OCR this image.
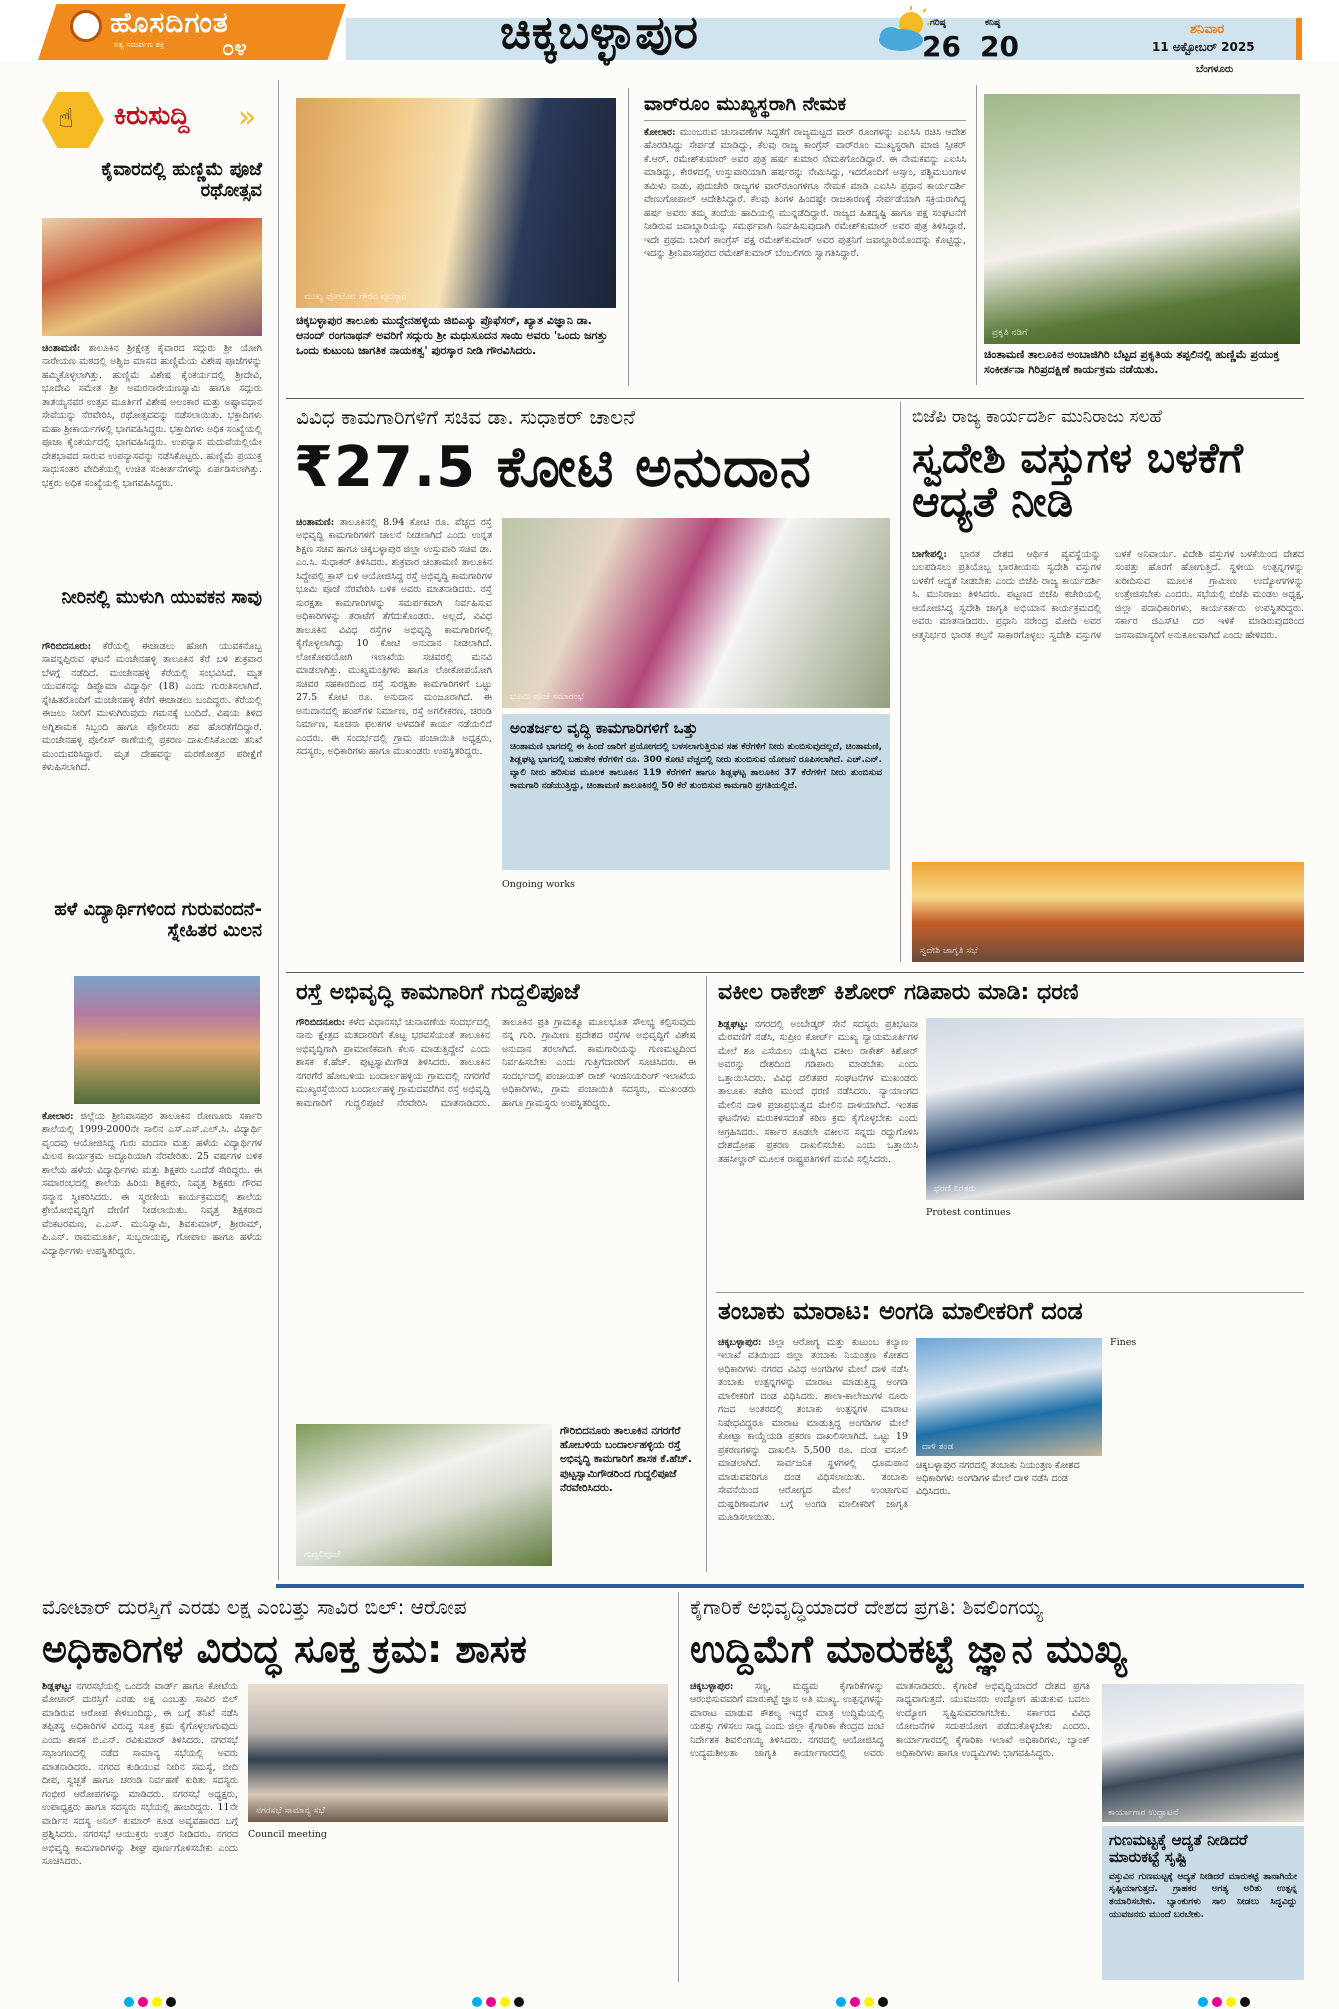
ಹೊಸದಿಗಂತ
ಸತ್ಯ ಸಮರ್ಪಣ ಶಕ್ತಿ	೦೪	ಚಿಕ್ಕಬಳ್ಳಾಪುರ	ಗರಿಷ್ಠ
26
ಕನಿಷ್ಠ
20
ಶನಿವಾರ
11 ಅಕ್ಟೋಬರ್ 2025
ಬೆಂಗಳೂರು
☝ ಕಿರುಸುದ್ದಿ »
ಕೈವಾರದಲ್ಲಿ ಹುಣ್ಣಿಮೆ ಪೂಜೆ ರಥೋತ್ಸವ
ಚಿಂತಾಮಣಿ: ತಾಲೂಕಿನ ಶ್ರೀಕ್ಷೇತ್ರ ಕೈವಾರದ ಸದ್ಗುರು ಶ್ರೀ ಯೋಗಿ ನಾರೇಯಣ ಮಠದಲ್ಲಿ ಅಶ್ವಿಜ ಮಾಸದ ಹುಣ್ಣಿಮೆಯ ವಿಶೇಷ ಪೂಜೆಗಳನ್ನು ಹಮ್ಮಿಕೊಳ್ಳಲಾಗಿತ್ತು. ಹುಣ್ಣಿಮೆ ವಿಶೇಷ ಕೈಂಕರ್ಯದಲ್ಲಿ ಶ್ರೀದೇವಿ, ಭೂದೇವಿ ಸಮೇತ ಶ್ರೀ ಅಮರನಾರೇಯಣಸ್ವಾಮಿ ಹಾಗೂ ಸದ್ಗುರು ತಾತಯ್ಯನವರ ಉತ್ಸವ ಮೂರ್ತಿಗೆ ವಿಶೇಷ ಅಲಂಕಾರ ಮತ್ತು ಅಷ್ಟಾವಧಾನ ಸೇವೆಯನ್ನು ನೆರವೇರಿಸಿ, ರಥೋತ್ಸವವನ್ನು ನಡೆಸಲಾಯಿತು. ಭಕ್ತಾದಿಗಳು ಮಹಾ ಶ್ರೀಕಾರ್ಯಗಳಲ್ಲಿ ಭಾಗವಹಿಸಿದ್ದರು. ಭಕ್ತಾದಿಗಳು ಅಧಿಕ ಸಂಖ್ಯೆಯಲ್ಲಿ ಪೂಜಾ ಕೈಂಕರ್ಯದಲ್ಲಿ ಭಾಗವಹಿಸಿದ್ದರು. ಉಪನ್ಯಾಸ ಮದುವೆಯಲ್ಲಿಯೇ ದೇಶಭಾವದ ಸಾರುವ ಉಪನ್ಯಾಸವನ್ನು ನಡೆಸಿಕೊಟ್ಟರು. ಹುಣ್ಣಿಮೆ ಪ್ರಯುಕ್ತ ಸಾಧುಸಂತರ ವೇದಿಕೆಯಲ್ಲಿ ಉಚಿತ ಸಂಕೀರ್ತನೆಗಳನ್ನು ಏರ್ಪಡಿಸಲಾಗಿತ್ತು. ಭಕ್ತರು ಅಧಿಕ ಸಂಖ್ಯೆಯಲ್ಲಿ ಭಾಗವಹಿಸಿದ್ದರು.
ನೀರಿನಲ್ಲಿ ಮುಳುಗಿ ಯುವಕನ ಸಾವು
ಗೌರಿಬಿದನೂರು: ಕೆರೆಯಲ್ಲಿ ಈಜಾಡಲು ಹೋಗಿ ಯುವಕನೊಬ್ಬ ಸಾವನ್ನಪ್ಪಿರುವ ಘಟನೆ ಮಂಚೇನಹಳ್ಳಿ ತಾಲೂಕಿನ ಕೆರೆ ಬಳಿ ಶುಕ್ರವಾರ ಬೆಳಗ್ಗೆ ನಡೆದಿದೆ. ಮಂಚೇನಹಳ್ಳಿ ಕೆರೆಯಲ್ಲಿ ಸಂಭವಿಸಿದೆ. ಮೃತ ಯುವಕನನ್ನು ಡಿಪ್ಲೊಮಾ ವಿದ್ಯಾರ್ಥಿ (18) ಎಂದು ಗುರುತಿಸಲಾಗಿದೆ. ಸ್ನೇಹಿತರೊಂದಿಗೆ ಮಂಚೇನಹಳ್ಳಿ ಕೆರೆಗೆ ಈಜಾಡಲು ಬಂದಿದ್ದರು. ಕೆರೆಯಲ್ಲಿ ಈಜಲು ನೀರಿಗೆ ಮುಳುಗಿರುವುದು ಗಮನಕ್ಕೆ ಬಂದಿದೆ. ವಿಷಯ ತಿಳಿದ ಅಗ್ನಿಶಾಮಕ ಸಿಬ್ಬಂದಿ ಹಾಗೂ ಪೊಲೀಸರು ಶವ ಹೊರತೆಗೆದಿದ್ದಾರೆ. ಮಂಚೇನಹಳ್ಳಿ ಪೊಲೀಸ್ ಠಾಣೆಯಲ್ಲಿ ಪ್ರಕರಣ ದಾಖಲಿಸಿಕೊಂಡು ತನಿಖೆ ಮುಂದುವರಿಸಿದ್ದಾರೆ. ಮೃತ ದೇಹವನ್ನು ಮರಣೋತ್ತರ ಪರೀಕ್ಷೆಗೆ ಕಳುಹಿಸಲಾಗಿದೆ.
ಹಳೆ ವಿದ್ಯಾರ್ಥಿಗಳಿಂದ ಗುರುವಂದನೆ-ಸ್ನೇಹಿತರ ಮಿಲನ
ಕೋಲಾರ: ಜಿಲ್ಲೆಯ ಶ್ರೀನಿವಾಸಪುರ ತಾಲೂಕಿನ ರೋಣೂರು ಸರ್ಕಾರಿ ಶಾಲೆಯಲ್ಲಿ 1999-2000ನೇ ಸಾಲಿನ ಎಸ್.ಎಸ್.ಎಲ್.ಸಿ. ವಿದ್ಯಾರ್ಥಿ ವೃಂದವು ಆಯೋಜಿಸಿದ್ದ ಗುರು ವಂದನಾ ಮತ್ತು ಹಳೆಯ ವಿದ್ಯಾರ್ಥಿಗಳ ಮಿಲನ ಕಾರ್ಯಕ್ರಮ ಅದ್ದೂರಿಯಾಗಿ ನೆರವೇರಿತು. 25 ವರ್ಷಗಳ ಬಳಿಕ ಶಾಲೆಯ ಹಳೆಯ ವಿದ್ಯಾರ್ಥಿಗಳು ಮತ್ತು ಶಿಕ್ಷಕರು ಒಂದೆಡೆ ಸೇರಿದ್ದರು. ಈ ಸಮಾರಂಭದಲ್ಲಿ ಶಾಲೆಯ ಹಿರಿಯ ಶಿಕ್ಷಕರು, ನಿವೃತ್ತ ಶಿಕ್ಷಕರು ಗೌರವ ಸನ್ಮಾನ ಸ್ವೀಕರಿಸಿದರು. ಈ ಸ್ಮರಣೀಯ ಕಾರ್ಯಕ್ರಮದಲ್ಲಿ ಶಾಲೆಯ ಶ್ರೇಯೋಭಿವೃದ್ಧಿಗೆ ದೇಣಿಗೆ ನೀಡಲಾಯಿತು. ನಿವೃತ್ತ ಶಿಕ್ಷಕರಾದ ವೆಂಕಟರಮಣ, ಎ.ಎಸ್. ಮುನಿಸ್ವಾಮಿ, ಶಿವಕುಮಾರ್, ಶ್ರೀರಾಮ್, ಪಿ.ಎನ್. ರಾಮಮೂರ್ತಿ, ಸುಬ್ಬರಾಯಪ್ಪ, ಗೋಪಾಲ ಹಾಗೂ ಹಳೆಯ ವಿದ್ಯಾರ್ಥಿಗಳು ಉಪಸ್ಥಿತರಿದ್ದರು.
ಮುಖ್ಯ ಫೋಟೋ: ಗೌರವ ಪುರಸ್ಕಾರ
ಚಿಕ್ಕಬಳ್ಳಾಪುರ ತಾಲೂಕು ಮುದ್ದೇನಹಳ್ಳಿಯ ಜಿಬಿಎಸ್ಯು ಪ್ರೊಫೆಸರ್, ಖ್ಯಾತ ವಿಜ್ಞಾನಿ ಡಾ. ಆನಂದ್ ರಂಗನಾಥನ್ ಅವರಿಗೆ ಸದ್ಗುರು ಶ್ರೀ ಮಧುಸೂದನ ಸಾಯಿ ಅವರು 'ಒಂದು ಜಗತ್ತು ಒಂದು ಕುಟುಂಬ ಜಾಗತಿಕ ನಾಯಕತ್ವ' ಪುರಸ್ಕಾರ ನೀಡಿ ಗೌರವಿಸಿದರು.
ವಾರ್‌ರೂಂ ಮುಖ್ಯಸ್ಥರಾಗಿ ನೇಮಕ
ಕೋಲಾರ: ಮುಂಬರುವ ಚುನಾವಣೆಗಳ ಸಿದ್ಧತೆಗೆ ರಾಜ್ಯಮಟ್ಟದ ವಾರ್ ರೂಂಗಳನ್ನು ಎಐಸಿಸಿ ರಚಿಸಿ ಆದೇಶ ಹೊರಡಿಸಿದ್ದು ಸೇರ್ಪಡೆ ಮಾಡಿದ್ದು, ಕೆಲವು ರಾಜ್ಯ ಕಾಂಗ್ರೆಸ್ ವಾರ್‌ರೂಂ ಮುಖ್ಯಸ್ಥರಾಗಿ ಮಾಜಿ ಸ್ಪೀಕರ್ ಕೆ.ಆರ್. ರಮೇಶ್‌ಕುಮಾರ್ ಅವರ ಪುತ್ರ ಹರ್ಷ ಕುಮಾರ ನೇಮಕಗೊಂಡಿದ್ದಾರೆ. ಈ ನೇಮಕವನ್ನು ಎಐಸಿಸಿ ಮಾಡಿದ್ದು, ಕೇರಳದಲ್ಲಿ ಉಸ್ತುವಾರಿಯಾಗಿ ಹರ್ಷರನ್ನು ನೇಮಿಸಿದ್ದು, ಇದರೊಂದಿಗೆ ಅಸ್ಸಾಂ, ಪಶ್ಚಿಮಬಂಗಾಳ ತಮಿಳು ನಾಡು, ಪುದುಚೇರಿ ರಾಜ್ಯಗಳ ವಾರ್‌ರೂಂಗಳಿಗೂ ನೇಮಕ ಮಾಡಿ ಎಐಸಿಸಿ ಪ್ರಧಾನ ಕಾರ್ಯದರ್ಶಿ ವೇಣುಗೋಪಾಲ್ ಆದೇಶಿಸಿದ್ದಾರೆ. ಕೆಲವು ತಿಂಗಳ ಹಿಂದಷ್ಟೇ ರಾಜಕಾರಣಕ್ಕೆ ಸೇರ್ಪಡೆಯಾಗಿ ಸಕ್ರಿಯರಾಗಿದ್ದ ಹರ್ಷ ಅವರು ತಮ್ಮ ತಂದೆಯ ಹಾದಿಯಲ್ಲಿ ಮುನ್ನಡೆದಿದ್ದಾರೆ. ರಾಜ್ಯದ ಹಿತದೃಷ್ಟಿ ಹಾಗೂ ಪಕ್ಷ ಸಂಘಟನೆಗೆ ನೀಡಿರುವ ಜವಾಬ್ದಾರಿಯನ್ನು ಸಮರ್ಥವಾಗಿ ನಿರ್ವಹಿಸುವುದಾಗಿ ರಮೇಶ್‌ಕುಮಾರ್ ಅವರ ಪುತ್ರ ತಿಳಿಸಿದ್ದಾರೆ. ಇದೇ ಪ್ರಥಮ ಬಾರಿಗೆ ಕಾಂಗ್ರೆಸ್ ಪಕ್ಷ ರಮೇಶ್‌ಕುಮಾರ್ ಅವರ ಪುತ್ರನಿಗೆ ಜವಾಬ್ದಾರಿಯೊಂದನ್ನು ಕೊಟ್ಟಿದ್ದು, ಇದನ್ನು ಶ್ರೀನಿವಾಸಪುರದ ರಮೇಶ್‌ಕುಮಾರ್ ಬೆಂಬಲಿಗರು ಸ್ವಾಗತಿಸಿದ್ದಾರೆ.
ಪ್ರಕೃತಿ ನಡಿಗೆ
ಚಿಂತಾಮಣಿ ತಾಲೂಕಿನ ಅಂಬಾಜಿಗಿರಿ ಬೆಟ್ಟದ ಪ್ರಕೃತಿಯ ತಪ್ಪಲಿನಲ್ಲಿ ಹುಣ್ಣಿಮೆ ಪ್ರಯುಕ್ತ ಸಂಕೀರ್ತನಾ ಗಿರಿಪ್ರದಕ್ಷಿಣೆ ಕಾರ್ಯಕ್ರಮ ನಡೆಯಿತು.
ವಿವಿಧ ಕಾಮಗಾರಿಗಳಿಗೆ ಸಚಿವ ಡಾ. ಸುಧಾಕರ್ ಚಾಲನೆ
₹27.5 ಕೋಟಿ ಅನುದಾನ
ಚಿಂತಾಮಣಿ: ತಾಲೂಕಿನಲ್ಲಿ 8.94 ಕೋಟಿ ರೂ. ವೆಚ್ಚದ ರಸ್ತೆ ಅಭಿವೃದ್ಧಿ ಕಾಮಗಾರಿಗಳಿಗೆ ಚಾಲನೆ ನೀಡಲಾಗಿದೆ ಎಂದು ಉನ್ನತ ಶಿಕ್ಷಣ ಸಚಿವ ಹಾಗೂ ಚಿಕ್ಕಬಳ್ಳಾಪುರ ಜಿಲ್ಲಾ ಉಸ್ತುವಾರಿ ಸಚಿವ ಡಾ. ಎಂ.ಸಿ. ಸುಧಾಕರ್ ತಿಳಿಸಿದರು. ಶುಕ್ರವಾರ ಚಿಂತಾಮಣಿ ತಾಲೂಕಿನ ಸಿದ್ದೇಪಲ್ಲಿ ಕ್ರಾಸ್ ಬಳಿ ಆಯೋಜಿಸಿದ್ದ ರಸ್ತೆ ಅಭಿವೃದ್ಧಿ ಕಾಮಗಾರಿಗಳ ಭೂಮಿ ಪೂಜೆ ನೆರವೇರಿಸಿ ಬಳಿಕ ಅವರು ಮಾತನಾಡಿದರು. ರಸ್ತೆ ಸುರಕ್ಷತಾ ಕಾಮಗಾರಿಗಳನ್ನು ಸಮರ್ಪಕವಾಗಿ ನಿರ್ವಹಿಸುವ ಅಧಿಕಾರಿಗಳನ್ನು ತರಾಟೆಗೆ ತೆಗೆದುಕೊಂಡರು. ಅಲ್ಲದೆ, ವಿವಿಧ ತಾಲೂಕಿನ ವಿವಿಧ ರಸ್ತೆಗಳ ಅಭಿವೃದ್ಧಿ ಕಾಮಗಾರಿಗಳಲ್ಲಿ ಕೈಗೊಳ್ಳಲಾಗಿದ್ದು 10 ಕೋಟಿ ಅನುದಾನ ನೀಡಲಾಗಿದೆ. ಲೋಕೋಪಯೋಗಿ ಇಲಾಖೆಯ ಸಚಿವರಲ್ಲಿ ಮನವಿ ಮಾಡಲಾಗಿತ್ತು. ಮುಖ್ಯಮಂತ್ರಿಗಳು ಹಾಗೂ ಲೋಕೋಪಯೋಗಿ ಸಚಿವರ ಸಹಕಾರದಿಂದ ರಸ್ತೆ ಸುರಕ್ಷತಾ ಕಾಮಗಾರಿಗಳಿಗೆ ಒಟ್ಟು 27.5 ಕೋಟಿ ರೂ. ಅನುದಾನ ಮಂಜೂರಾಗಿದೆ. ಈ ಅನುದಾನದಲ್ಲಿ ಹಂಪ್‌ಗಳ ನಿರ್ಮಾಣ, ರಸ್ತೆ ಅಗಲೀಕರಣ, ಚರಂಡಿ ನಿರ್ಮಾಣ, ಸೂಚನಾ ಫಲಕಗಳ ಅಳವಡಿಕೆ ಕಾರ್ಯ ನಡೆಯಲಿದೆ ಎಂದರು. ಈ ಸಂದರ್ಭದಲ್ಲಿ ಗ್ರಾಮ ಪಂಚಾಯಿತಿ ಅಧ್ಯಕ್ಷರು, ಸದಸ್ಯರು, ಅಧಿಕಾರಿಗಳು ಹಾಗೂ ಮುಖಂಡರು ಉಪಸ್ಥಿತರಿದ್ದರು.
ಭೂಮಿ ಪೂಜೆ ಸಮಾರಂಭ
ಅಂತರ್ಜಲ ವೃದ್ಧಿ ಕಾಮಗಾರಿಗಳಿಗೆ ಒತ್ತು
ಚಿಂತಾಮಣಿ ಭಾಗದಲ್ಲಿ ಈ ಹಿಂದೆ ಜಾರಿಗೆ ಪ್ರಯೋಗದಲ್ಲಿ ಬಳಸಲಾಗುತ್ತಿರುವ ಸಹ ಕೆರೆಗಳಿಗೆ ನೀರು ತುಂಬಿಸುವುದಲ್ಲದೆ, ಚಿಂತಾಮಣಿ, ಶಿಡ್ಲಘಟ್ಟ ಭಾಗದಲ್ಲಿ ಬಹುತೇಕ ಕೆರೆಗಳಿಗೆ ರೂ. 300 ಕೋಟಿ ವೆಚ್ಚದಲ್ಲಿ ನೀರು ತುಂಬಿಸುವ ಯೋಜನೆ ರೂಪಿಸಲಾಗಿದೆ. ಎಚ್.ಎನ್. ವ್ಯಾಲಿ ನೀರು ಹರಿಸುವ ಮೂಲಕ ತಾಲೂಕಿನ 119 ಕೆರೆಗಳಿಗೆ ಹಾಗೂ ಶಿಡ್ಲಘಟ್ಟ ತಾಲೂಕಿನ 37 ಕೆರೆಗಳಿಗೆ ನೀರು ತುಂಬಿಸುವ ಕಾಮಗಾರಿ ನಡೆಯುತ್ತಿದ್ದು, ಚಿಂತಾಮಣಿ ತಾಲೂಕಿನಲ್ಲಿ 50 ಕೆರೆ ತುಂಬಿಸುವ ಕಾಮಗಾರಿ ಪ್ರಗತಿಯಲ್ಲಿದೆ.
Ongoing works
ಬಿಜೆಪಿ ರಾಜ್ಯ ಕಾರ್ಯದರ್ಶಿ ಮುನಿರಾಜು ಸಲಹೆ
ಸ್ವದೇಶಿ ವಸ್ತುಗಳ ಬಳಕೆಗೆ ಆದ್ಯತೆ ನೀಡಿ
ಬಾಗೇಪಲ್ಲಿ: ಭಾರತ ದೇಶದ ಆರ್ಥಿಕ ವ್ಯವಸ್ಥೆಯನ್ನು ಬಲಪಡಿಸಲು ಪ್ರತಿಯೊಬ್ಬ ಭಾರತೀಯನು ಸ್ವದೇಶಿ ವಸ್ತುಗಳ ಬಳಕೆಗೆ ಆದ್ಯತೆ ನೀಡಬೇಕು ಎಂದು ಬಿಜೆಪಿ ರಾಜ್ಯ ಕಾರ್ಯದರ್ಶಿ ಸಿ. ಮುನಿರಾಜು ತಿಳಿಸಿದರು. ಪಟ್ಟಣದ ಬಿಜೆಪಿ ಕಚೇರಿಯಲ್ಲಿ ಆಯೋಜಿಸಿದ್ದ ಸ್ವದೇಶಿ ಜಾಗೃತಿ ಅಭಿಯಾನ ಕಾರ್ಯಕ್ರಮದಲ್ಲಿ ಅವರು ಮಾತನಾಡಿದರು. ಪ್ರಧಾನಿ ನರೇಂದ್ರ ಮೋದಿ ಅವರ ಆತ್ಮನಿರ್ಭರ ಭಾರತ ಕಲ್ಪನೆ ಸಾಕಾರಗೊಳ್ಳಲು ಸ್ವದೇಶಿ ವಸ್ತುಗಳ ಬಳಕೆ ಅನಿವಾರ್ಯ. ವಿದೇಶಿ ವಸ್ತುಗಳ ಬಳಕೆಯಿಂದ ದೇಶದ ಸಂಪತ್ತು ಹೊರಗೆ ಹೋಗುತ್ತಿದೆ. ಸ್ಥಳೀಯ ಉತ್ಪನ್ನಗಳನ್ನು ಖರೀದಿಸುವ ಮೂಲಕ ಗ್ರಾಮೀಣ ಉದ್ಯೋಗಗಳನ್ನು ಉತ್ತೇಜಿಸಬೇಕು ಎಂದರು. ಸಭೆಯಲ್ಲಿ ಬಿಜೆಪಿ ಮಂಡಲ ಅಧ್ಯಕ್ಷ, ಜಿಲ್ಲಾ ಪದಾಧಿಕಾರಿಗಳು, ಕಾರ್ಯಕರ್ತರು ಉಪಸ್ಥಿತರಿದ್ದರು. ಸರ್ಕಾರ ಜಿಎಸ್‌ಟಿ ದರ ಇಳಿಕೆ ಮಾಡಿರುವುದರಿಂದ ಜನಸಾಮಾನ್ಯರಿಗೆ ಅನುಕೂಲವಾಗಿದೆ ಎಂದು ಹೇಳಿದರು.
ಸ್ವದೇಶಿ ಜಾಗೃತಿ ಸಭೆ
ರಸ್ತೆ ಅಭಿವೃದ್ಧಿ ಕಾಮಗಾರಿಗೆ ಗುದ್ದಲಿಪೂಜೆ
ಗೌರಿಬಿದನೂರು: ಕಳೆದ ವಿಧಾನಸಭೆ ಚುನಾವಣೆಯ ಸಂದರ್ಭದಲ್ಲಿ ನಾನು ಕ್ಷೇತ್ರದ ಮತದಾರರಿಗೆ ಕೊಟ್ಟ ಭರವಸೆಯಂತೆ ತಾಲೂಕಿನ ಅಭಿವೃದ್ಧಿಗಾಗಿ ಪ್ರಾಮಾಣಿಕವಾಗಿ ಕೆಲಸ ಮಾಡುತ್ತಿದ್ದೇನೆ ಎಂದು ಶಾಸಕ ಕೆ.ಹೆಚ್. ಪುಟ್ಟಸ್ವಾಮಿಗೌಡ ತಿಳಿಸಿದರು. ತಾಲೂಕಿನ ನಗರಗೆರೆ ಹೋಬಳಿಯ ಬಂದಾರ್ಲಹಳ್ಳಿಯ ಗ್ರಾಮದಲ್ಲಿ ನಗರಗೆರೆ ಮುಖ್ಯರಸ್ತೆಯಿಂದ ಬಂದಾರ್ಲಹಳ್ಳಿ ಗ್ರಾಮದವರೆಗಿನ ರಸ್ತೆ ಅಭಿವೃದ್ಧಿ ಕಾಮಗಾರಿಗೆ ಗುದ್ದಲಿಪೂಜೆ ನೆರವೇರಿಸಿ ಮಾತನಾಡಿದರು. ತಾಲೂಕಿನ ಪ್ರತಿ ಗ್ರಾಮಕ್ಕೂ ಮೂಲಭೂತ ಸೌಲಭ್ಯ ಕಲ್ಪಿಸುವುದು ನನ್ನ ಗುರಿ. ಗ್ರಾಮೀಣ ಪ್ರದೇಶದ ರಸ್ತೆಗಳ ಅಭಿವೃದ್ಧಿಗೆ ವಿಶೇಷ ಅನುದಾನ ತರಲಾಗಿದೆ. ಕಾಮಗಾರಿಯನ್ನು ಗುಣಮಟ್ಟದಿಂದ ನಿರ್ವಹಿಸಬೇಕು ಎಂದು ಗುತ್ತಿಗೆದಾರರಿಗೆ ಸೂಚಿಸಿದರು. ಈ ಸಂದರ್ಭದಲ್ಲಿ ಪಂಚಾಯತ್ ರಾಜ್ ಇಂಜಿನಿಯರಿಂಗ್ ಇಲಾಖೆಯ ಅಧಿಕಾರಿಗಳು, ಗ್ರಾಮ ಪಂಚಾಯಿತಿ ಸದಸ್ಯರು, ಮುಖಂಡರು ಹಾಗೂ ಗ್ರಾಮಸ್ಥರು ಉಪಸ್ಥಿತರಿದ್ದರು.
ಗುದ್ದಲಿಪೂಜೆ
ಗೌರಿಬಿದನೂರು ತಾಲೂಕಿನ ನಗರಗೆರೆ ಹೋಬಳಿಯ ಬಂದಾರ್ಲಹಳ್ಳಿಯ ರಸ್ತೆ ಅಭಿವೃದ್ಧಿ ಕಾಮಗಾರಿಗೆ ಶಾಸಕ ಕೆ.ಹೆಚ್. ಪುಟ್ಟಸ್ವಾಮಿಗೌಡರಿಂದ ಗುದ್ದಲಿಪೂಜೆ ನೆರವೇರಿಸಿದರು.
ವಕೀಲ ರಾಕೇಶ್ ಕಿಶೋರ್ ಗಡಿಪಾರು ಮಾಡಿ: ಧರಣಿ
ಶಿಡ್ಲಘಟ್ಟ: ನಗರದಲ್ಲಿ ಅಂಬೇಡ್ಕರ್ ಸೇನೆ ಸದಸ್ಯರು ಪ್ರತಿಭಟನಾ ಮೆರವಣಿಗೆ ನಡೆಸಿ, ಸುಪ್ರೀಂ ಕೋರ್ಟ್ ಮುಖ್ಯ ನ್ಯಾಯಮೂರ್ತಿಗಳ ಮೇಲೆ ಶೂ ಎಸೆಯಲು ಯತ್ನಿಸಿದ ವಕೀಲ ರಾಕೇಶ್ ಕಿಶೋರ್ ಅವರನ್ನು ದೇಶದಿಂದ ಗಡಿಪಾರು ಮಾಡಬೇಕು ಎಂದು ಒತ್ತಾಯಿಸಿದರು. ವಿವಿಧ ದಲಿತಪರ ಸಂಘಟನೆಗಳ ಮುಖಂಡರು ತಾಲೂಕು ಕಚೇರಿ ಮುಂದೆ ಧರಣಿ ನಡೆಸಿದರು. ನ್ಯಾಯಾಂಗದ ಮೇಲಿನ ದಾಳಿ ಪ್ರಜಾಪ್ರಭುತ್ವದ ಮೇಲಿನ ದಾಳಿಯಾಗಿದೆ. ಇಂತಹ ಘಟನೆಗಳು ಮರುಕಳಿಸದಂತೆ ಕಠಿಣ ಕ್ರಮ ಕೈಗೊಳ್ಳಬೇಕು ಎಂದು ಆಗ್ರಹಿಸಿದರು. ಸರ್ಕಾರ ಕೂಡಲೇ ವಕೀಲನ ಸನ್ನದು ರದ್ದುಗೊಳಿಸಿ ದೇಶದ್ರೋಹ ಪ್ರಕರಣ ದಾಖಲಿಸಬೇಕು ಎಂದು ಒತ್ತಾಯಿಸಿ ತಹಸೀಲ್ದಾರ್ ಮೂಲಕ ರಾಷ್ಟ್ರಪತಿಗಳಿಗೆ ಮನವಿ ಸಲ್ಲಿಸಿದರು.
ಧರಣಿ ನಿರತರು
Protest continues
ತಂಬಾಕು ಮಾರಾಟ: ಅಂಗಡಿ ಮಾಲೀಕರಿಗೆ ದಂಡ
ಚಿಕ್ಕಬಳ್ಳಾಪುರ: ಜಿಲ್ಲಾ ಆರೋಗ್ಯ ಮತ್ತು ಕುಟುಂಬ ಕಲ್ಯಾಣ ಇಲಾಖೆ ವತಿಯಿಂದ ಜಿಲ್ಲಾ ತಂಬಾಕು ನಿಯಂತ್ರಣ ಕೋಶದ ಅಧಿಕಾರಿಗಳು ನಗರದ ವಿವಿಧ ಅಂಗಡಿಗಳ ಮೇಲೆ ದಾಳಿ ನಡೆಸಿ ತಂಬಾಕು ಉತ್ಪನ್ನಗಳನ್ನು ಮಾರಾಟ ಮಾಡುತ್ತಿದ್ದ ಅಂಗಡಿ ಮಾಲೀಕರಿಗೆ ದಂಡ ವಿಧಿಸಿದರು. ಶಾಲಾ-ಕಾಲೇಜುಗಳ ನೂರು ಗಜದ ಅಂತರದಲ್ಲಿ ತಂಬಾಕು ಉತ್ಪನ್ನಗಳ ಮಾರಾಟ ನಿಷೇಧವಿದ್ದರೂ ಮಾರಾಟ ಮಾಡುತ್ತಿದ್ದ ಅಂಗಡಿಗಳ ಮೇಲೆ ಕೋಟ್ಪಾ ಕಾಯ್ದೆಯಡಿ ಪ್ರಕರಣ ದಾಖಲಿಸಲಾಗಿದೆ. ಒಟ್ಟು 19 ಪ್ರಕರಣಗಳನ್ನು ದಾಖಲಿಸಿ 5,500 ರೂ. ದಂಡ ವಸೂಲಿ ಮಾಡಲಾಗಿದೆ. ಸಾರ್ವಜನಿಕ ಸ್ಥಳಗಳಲ್ಲಿ ಧೂಮಪಾನ ಮಾಡುವವರಿಗೂ ದಂಡ ವಿಧಿಸಲಾಯಿತು. ತಂಬಾಕು ಸೇವನೆಯಿಂದ ಆರೋಗ್ಯದ ಮೇಲೆ ಉಂಟಾಗುವ ದುಷ್ಪರಿಣಾಮಗಳ ಬಗ್ಗೆ ಅಂಗಡಿ ಮಾಲೀಕರಿಗೆ ಜಾಗೃತಿ ಮೂಡಿಸಲಾಯಿತು.
ದಾಳಿ ತಂಡ
ಚಿಕ್ಕಬಳ್ಳಾಪುರ ನಗರದಲ್ಲಿ ತಂಬಾಕು ನಿಯಂತ್ರಣ ಕೋಶದ ಅಧಿಕಾರಿಗಳು ಅಂಗಡಿಗಳ ಮೇಲೆ ದಾಳಿ ನಡೆಸಿ ದಂಡ ವಿಧಿಸಿದರು.
Fines
ಮೋಟಾರ್ ದುರಸ್ತಿಗೆ ಎರಡು ಲಕ್ಷ ಎಂಬತ್ತು ಸಾವಿರ ಬಿಲ್: ಆರೋಪ
ಅಧಿಕಾರಿಗಳ ವಿರುದ್ಧ ಸೂಕ್ತ ಕ್ರಮ: ಶಾಸಕ
ಶಿಡ್ಲಘಟ್ಟ: ನಗರಸಭೆಯಲ್ಲಿ ಒಂದನೇ ವಾರ್ಡ್ ಹಾಗೂ ಕೋಟೆಯ ಮೋಟಾರ್ ದುರಸ್ತಿಗೆ ಎರಡು ಲಕ್ಷ ಎಂಬತ್ತು ಸಾವಿರ ಬಿಲ್ ಮಾಡಿರುವ ಆರೋಪ ಕೇಳಿಬಂದಿದ್ದು, ಈ ಬಗ್ಗೆ ತನಿಖೆ ನಡೆಸಿ ತಪ್ಪಿತಸ್ಥ ಅಧಿಕಾರಿಗಳ ವಿರುದ್ಧ ಸೂಕ್ತ ಕ್ರಮ ಕೈಗೊಳ್ಳಲಾಗುವುದು ಎಂದು ಶಾಸಕ ಬಿ.ಎನ್. ರವಿಕುಮಾರ್ ತಿಳಿಸಿದರು. ನಗರಸಭೆ ಸಭಾಂಗಣದಲ್ಲಿ ನಡೆದ ಸಾಮಾನ್ಯ ಸಭೆಯಲ್ಲಿ ಅವರು ಮಾತನಾಡಿದರು. ನಗರದ ಕುಡಿಯುವ ನೀರಿನ ಸಮಸ್ಯೆ, ಬೀದಿ ದೀಪ, ಸ್ವಚ್ಛತೆ ಹಾಗೂ ಚರಂಡಿ ನಿರ್ವಹಣೆ ಕುರಿತು ಸದಸ್ಯರು ಗಂಭೀರ ಆರೋಪಗಳನ್ನು ಮಾಡಿದರು. ನಗರಸಭೆ ಅಧ್ಯಕ್ಷರು, ಉಪಾಧ್ಯಕ್ಷರು ಹಾಗೂ ಸದಸ್ಯರು ಸಭೆಯಲ್ಲಿ ಹಾಜರಿದ್ದರು. 11ನೇ ವಾರ್ಡಿನ ಸದಸ್ಯ ಅನಿಲ್ ಕುಮಾರ್ ಕೂಡ ಅವ್ಯವಹಾರದ ಬಗ್ಗೆ ಪ್ರಶ್ನಿಸಿದರು. ನಗರಸಭೆ ಆಯುಕ್ತರು ಉತ್ತರ ನೀಡಿದರು. ನಗರದ ಅಭಿವೃದ್ಧಿ ಕಾಮಗಾರಿಗಳನ್ನು ಶೀಘ್ರ ಪೂರ್ಣಗೊಳಿಸಬೇಕು ಎಂದು ಸೂಚಿಸಿದರು.
ನಗರಸಭೆ ಸಾಮಾನ್ಯ ಸಭೆ
Council meeting
ಕೈಗಾರಿಕೆ ಅಭಿವೃದ್ಧಿಯಾದರೆ ದೇಶದ ಪ್ರಗತಿ: ಶಿವಲಿಂಗಯ್ಯ
ಉದ್ದಿಮೆಗೆ ಮಾರುಕಟ್ಟೆ ಜ್ಞಾನ ಮುಖ್ಯ
ಚಿಕ್ಕಬಳ್ಳಾಪುರ: ಸಣ್ಣ, ಮಧ್ಯಮ ಕೈಗಾರಿಕೆಗಳನ್ನು ಆರಂಭಿಸುವವರಿಗೆ ಮಾರುಕಟ್ಟೆ ಜ್ಞಾನ ಅತಿ ಮುಖ್ಯ. ಉತ್ಪನ್ನಗಳನ್ನು ಮಾರಾಟ ಮಾಡುವ ಕೌಶಲ್ಯ ಇದ್ದರೆ ಮಾತ್ರ ಉದ್ದಿಮೆಯಲ್ಲಿ ಯಶಸ್ಸು ಗಳಿಸಲು ಸಾಧ್ಯ ಎಂದು ಜಿಲ್ಲಾ ಕೈಗಾರಿಕಾ ಕೇಂದ್ರದ ಜಂಟಿ ನಿರ್ದೇಶಕ ಶಿವಲಿಂಗಯ್ಯ ತಿಳಿಸಿದರು. ನಗರದಲ್ಲಿ ಆಯೋಜಿಸಿದ್ದ ಉದ್ಯಮಶೀಲತಾ ಜಾಗೃತಿ ಕಾರ್ಯಾಗಾರದಲ್ಲಿ ಅವರು ಮಾತನಾಡಿದರು. ಕೈಗಾರಿಕೆ ಅಭಿವೃದ್ಧಿಯಾದರೆ ದೇಶದ ಪ್ರಗತಿ ಸಾಧ್ಯವಾಗುತ್ತದೆ. ಯುವಜನರು ಉದ್ಯೋಗ ಹುಡುಕುವ ಬದಲು ಉದ್ಯೋಗ ಸೃಷ್ಟಿಸುವವರಾಗಬೇಕು. ಸರ್ಕಾರದ ವಿವಿಧ ಯೋಜನೆಗಳ ಸದುಪಯೋಗ ಪಡೆದುಕೊಳ್ಳಬೇಕು ಎಂದರು. ಕಾರ್ಯಾಗಾರದಲ್ಲಿ ಕೈಗಾರಿಕಾ ಇಲಾಖೆ ಅಧಿಕಾರಿಗಳು, ಬ್ಯಾಂಕ್ ಅಧಿಕಾರಿಗಳು ಹಾಗೂ ಉದ್ಯಮಿಗಳು ಭಾಗವಹಿಸಿದ್ದರು.
ಕಾರ್ಯಾಗಾರ ಉದ್ಘಾಟನೆ
ಗುಣಮಟ್ಟಕ್ಕೆ ಆದ್ಯತೆ ನೀಡಿದರೆ ಮಾರುಕಟ್ಟೆ ಸೃಷ್ಟಿ
ವಸ್ತುವಿನ ಗುಣಮಟ್ಟಕ್ಕೆ ಆದ್ಯತೆ ನೀಡಿದರೆ ಮಾರುಕಟ್ಟೆ ತಾನಾಗಿಯೇ ಸೃಷ್ಟಿಯಾಗುತ್ತದೆ. ಗ್ರಾಹಕರ ಅಗತ್ಯ ಅರಿತು ಉತ್ಪನ್ನ ತಯಾರಿಸಬೇಕು. ಬ್ಯಾಂಕುಗಳು ಸಾಲ ನೀಡಲು ಸಿದ್ಧವಿದ್ದು ಯುವಜನರು ಮುಂದೆ ಬರಬೇಕು.
